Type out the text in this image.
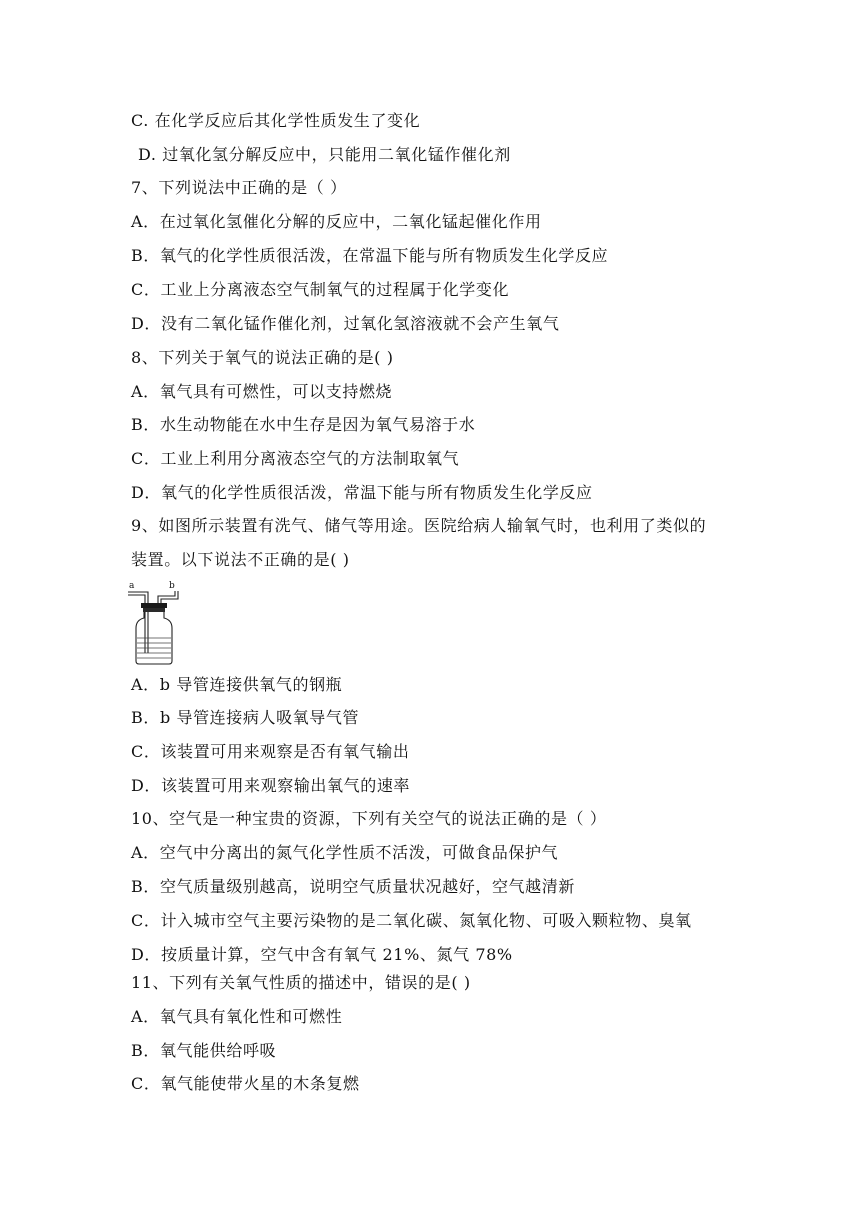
C. 在化学反应后其化学性质发生了变化
D. 过氧化氢分解反应中，只能用二氧化锰作催化剂
7、下列说法中正确的是（ ）
A．在过氧化氢催化分解的反应中，二氧化锰起催化作用
B．氧气的化学性质很活泼，在常温下能与所有物质发生化学反应
C．工业上分离液态空气制氧气的过程属于化学变化
D．没有二氧化锰作催化剂，过氧化氢溶液就不会产生氧气
8、下列关于氧气的说法正确的是( )
A．氧气具有可燃性，可以支持燃烧
B．水生动物能在水中生存是因为氧气易溶于水
C．工业上利用分离液态空气的方法制取氧气
D．氧气的化学性质很活泼，常温下能与所有物质发生化学反应
9、如图所示装置有洗气、储气等用途。医院给病人输氧气时，也利用了类似的
装置。以下说法不正确的是( )
a	b
A．b 导管连接供氧气的钢瓶
B．b 导管连接病人吸氧导气管
C．该装置可用来观察是否有氧气输出
D．该装置可用来观察输出氧气的速率
10、空气是一种宝贵的资源，下列有关空气的说法正确的是（ ）
A．空气中分离出的氮气化学性质不活泼，可做食品保护气
B．空气质量级别越高，说明空气质量状况越好，空气越清新
C．计入城市空气主要污染物的是二氧化碳、氮氧化物、可吸入颗粒物、臭氧
D．按质量计算，空气中含有氧气 21%、氮气 78%
11、下列有关氧气性质的描述中，错误的是( )
A．氧气具有氧化性和可燃性
B．氧气能供给呼吸
C．氧气能使带火星的木条复燃
